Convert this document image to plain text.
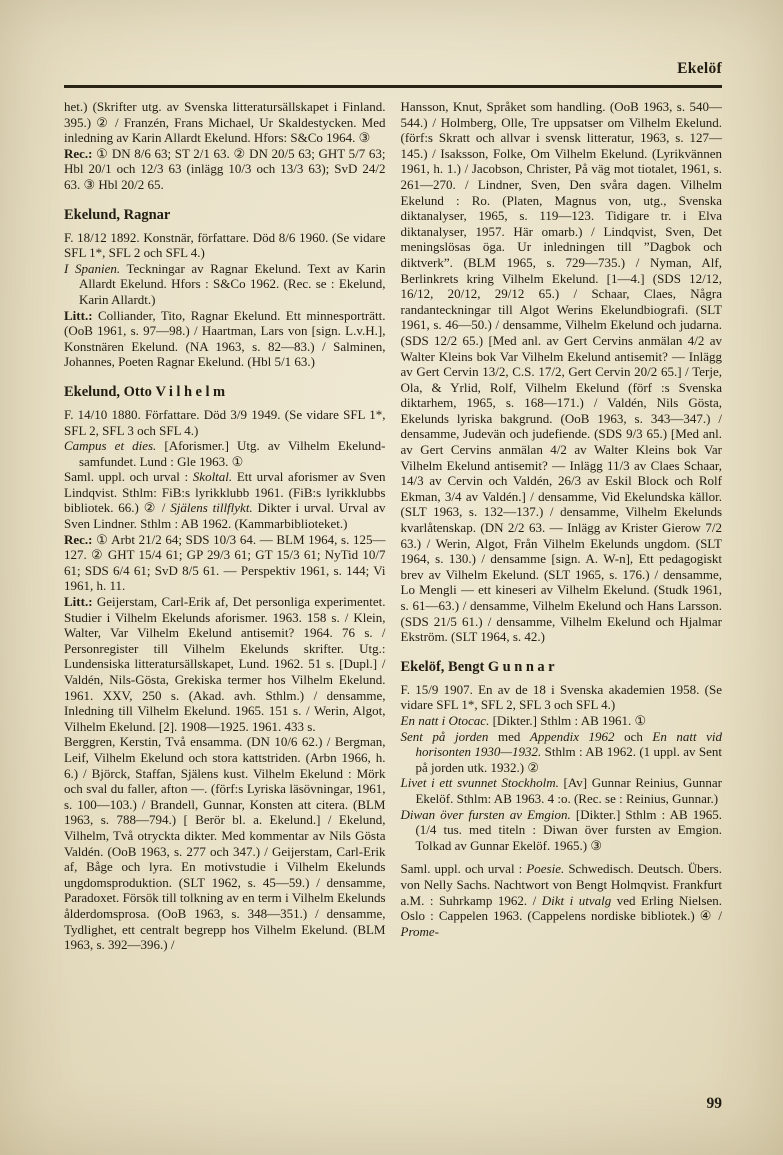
Ekelöf

het.) (Skrifter utg. av Svenska litteratursällskapet i Finland. 395.) ② / Franzén, Frans Michael, Ur Skaldestycken. Med inledning av Karin Allardt Ekelund. Hfors: S&Co 1964. ③

Rec.: ① DN 8/6 63; ST 2/1 63. ② DN 20/5 63; GHT 5/7 63; Hbl 20/1 och 12/3 63 (inlägg 10/3 och 13/3 63); SvD 24/2 63. ③ Hbl 20/2 65.

Ekelund, Ragnar

F. 18/12 1892. Konstnär, författare. Död 8/6 1960. (Se vidare SFL 1*, SFL 2 och SFL 4.)

I Spanien. Teckningar av Ragnar Ekelund. Text av Karin Allardt Ekelund. Hfors : S&Co 1962. (Rec. se : Ekelund, Karin Allardt.)

Litt.: Colliander, Tito, Ragnar Ekelund. Ett minnesporträtt. (OoB 1961, s. 97—98.) / Haartman, Lars von [sign. L.v.H.], Konstnären Ekelund. (NA 1963, s. 82—83.) / Salminen, Johannes, Poeten Ragnar Ekelund. (Hbl 5/1 63.)

Ekelund, Otto Vilhelm

F. 14/10 1880. Författare. Död 3/9 1949. (Se vidare SFL 1*, SFL 2, SFL 3 och SFL 4.)

Campus et dies. [Aforismer.] Utg. av Vilhelm Ekelund-samfundet. Lund : Gle 1963. ①

Saml. uppl. och urval : Skoltal. Ett urval aforismer av Sven Lindqvist. Sthlm: FiB:s lyrikklubb 1961. (FiB:s lyrikklubbs bibliotek. 66.) ② / Själens tillflykt. Dikter i urval. Urval av Sven Lindner. Sthlm : AB 1962. (Kammarbiblioteket.)

Rec.: ① Arbt 21/2 64; SDS 10/3 64. — BLM 1964, s. 125—127. ② GHT 15/4 61; GP 29/3 61; GT 15/3 61; NyTid 10/7 61; SDS 6/4 61; SvD 8/5 61. — Perspektiv 1961, s. 144; Vi 1961, h. 11.

Litt.: Geijerstam, Carl-Erik af, Det personliga experimentet. Studier i Vilhelm Ekelunds aforismer. 1963. 158 s. / Klein, Walter, Var Vilhelm Ekelund antisemit? 1964. 76 s. / Personregister till Vilhelm Ekelunds skrifter. Utg.: Lundensiska litteratursällskapet, Lund. 1962. 51 s. [Dupl.] / Valdén, Nils-Gösta, Grekiska termer hos Vilhelm Ekelund. 1961. XXV, 250 s. (Akad. avh. Sthlm.) / densamme, Inledning till Vilhelm Ekelund. 1965. 151 s. / Werin, Algot, Vilhelm Ekelund. [2]. 1908—1925. 1961. 433 s.

Berggren, Kerstin, Två ensamma. (DN 10/6 62.) / Bergman, Leif, Vilhelm Ekelund och stora kattstriden. (Arbn 1966, h. 6.) / Björck, Staffan, Själens kust. Vilhelm Ekelund : Mörk och sval du faller, afton —. (förf:s Lyriska läsövningar, 1961, s. 100—103.) / Brandell, Gunnar, Konsten att citera. (BLM 1963, s. 788—794.) [ Berör bl. a. Ekelund.] / Ekelund, Vilhelm, Två otryckta dikter. Med kommentar av Nils Gösta Valdén. (OoB 1963, s. 277 och 347.) / Geijerstam, Carl-Erik af, Båge och lyra. En motivstudie i Vilhelm Ekelunds ungdomsproduktion. (SLT 1962, s. 45—59.) / densamme, Paradoxet. Försök till tolkning av en term i Vilhelm Ekelunds ålderdomsprosa. (OoB 1963, s. 348—351.) / densamme, Tydlighet, ett centralt begrepp hos Vilhelm Ekelund. (BLM 1963, s. 392—396.) /

Hansson, Knut, Språket som handling. (OoB 1963, s. 540—544.) / Holmberg, Olle, Tre uppsatser om Vilhelm Ekelund. (förf:s Skratt och allvar i svensk litteratur, 1963, s. 127—145.) / Isaksson, Folke, Om Vilhelm Ekelund. (Lyrikvännen 1961, h. 1.) / Jacobson, Christer, På väg mot tiotalet, 1961, s. 261—270. / Lindner, Sven, Den svåra dagen. Vilhelm Ekelund : Ro. (Platen, Magnus von, utg., Svenska diktanalyser, 1965, s. 119—123. Tidigare tr. i Elva diktanalyser, 1957. Här omarb.) / Lindqvist, Sven, Det meningslösas öga. Ur inledningen till ”Dagbok och diktverk”. (BLM 1965, s. 729—735.) / Nyman, Alf, Berlinkrets kring Vilhelm Ekelund. [1—4.] (SDS 12/12, 16/12, 20/12, 29/12 65.) / Schaar, Claes, Några randanteckningar till Algot Werins Ekelundbiografi. (SLT 1961, s. 46—50.) / densamme, Vilhelm Ekelund och judarna. (SDS 12/2 65.) [Med anl. av Gert Cervins anmälan 4/2 av Walter Kleins bok Var Vilhelm Ekelund antisemit? — Inlägg av Gert Cervin 13/2, C.S. 17/2, Gert Cervin 20/2 65.] / Terje, Ola, & Yrlid, Rolf, Vilhelm Ekelund (förf :s Svenska diktarhem, 1965, s. 168—171.) / Valdén, Nils Gösta, Ekelunds lyriska bakgrund. (OoB 1963, s. 343—347.) / densamme, Judevän och judefiende. (SDS 9/3 65.) [Med anl. av Gert Cervins anmälan 4/2 av Walter Kleins bok Var Vilhelm Ekelund antisemit? — Inlägg 11/3 av Claes Schaar, 14/3 av Cervin och Valdén, 26/3 av Eskil Block och Rolf Ekman, 3/4 av Valdén.] / densamme, Vid Ekelundska källor. (SLT 1963, s. 132—137.) / densamme, Vilhelm Ekelunds kvarlåtenskap. (DN 2/2 63. — Inlägg av Krister Gierow 7/2 63.) / Werin, Algot, Från Vilhelm Ekelunds ungdom. (SLT 1964, s. 130.) / densamme [sign. A. W-n], Ett pedagogiskt brev av Vilhelm Ekelund. (SLT 1965, s. 176.) / densamme, Lo Mengli — ett kineseri av Vilhelm Ekelund. (Studk 1961, s. 61—63.) / densamme, Vilhelm Ekelund och Hans Larsson. (SDS 21/5 61.) / densamme, Vilhelm Ekelund och Hjalmar Ekström. (SLT 1964, s. 42.)

Ekelöf, Bengt Gunnar

F. 15/9 1907. En av de 18 i Svenska akademien 1958. (Se vidare SFL 1*, SFL 2, SFL 3 och SFL 4.)

En natt i Otocac. [Dikter.] Sthlm : AB 1961. ①

Sent på jorden med Appendix 1962 och En natt vid horisonten 1930—1932. Sthlm : AB 1962. (1 uppl. av Sent på jorden utk. 1932.) ②

Livet i ett svunnet Stockholm. [Av] Gunnar Reinius, Gunnar Ekelöf. Sthlm: AB 1963. 4 :o. (Rec. se : Reinius, Gunnar.)

Diwan över fursten av Emgion. [Dikter.] Sthlm : AB 1965. (1/4 tus. med titeln : Diwan över fursten av Emgion. Tolkad av Gunnar Ekelöf. 1965.) ③

Saml. uppl. och urval : Poesie. Schwedisch. Deutsch. Übers. von Nelly Sachs. Nachtwort von Bengt Holmqvist. Frankfurt a.M. : Suhrkamp 1962. / Dikt i utvalg ved Erling Nielsen. Oslo : Cappelen 1963. (Cappelens nordiske bibliotek.) ④ / Prome-

99
